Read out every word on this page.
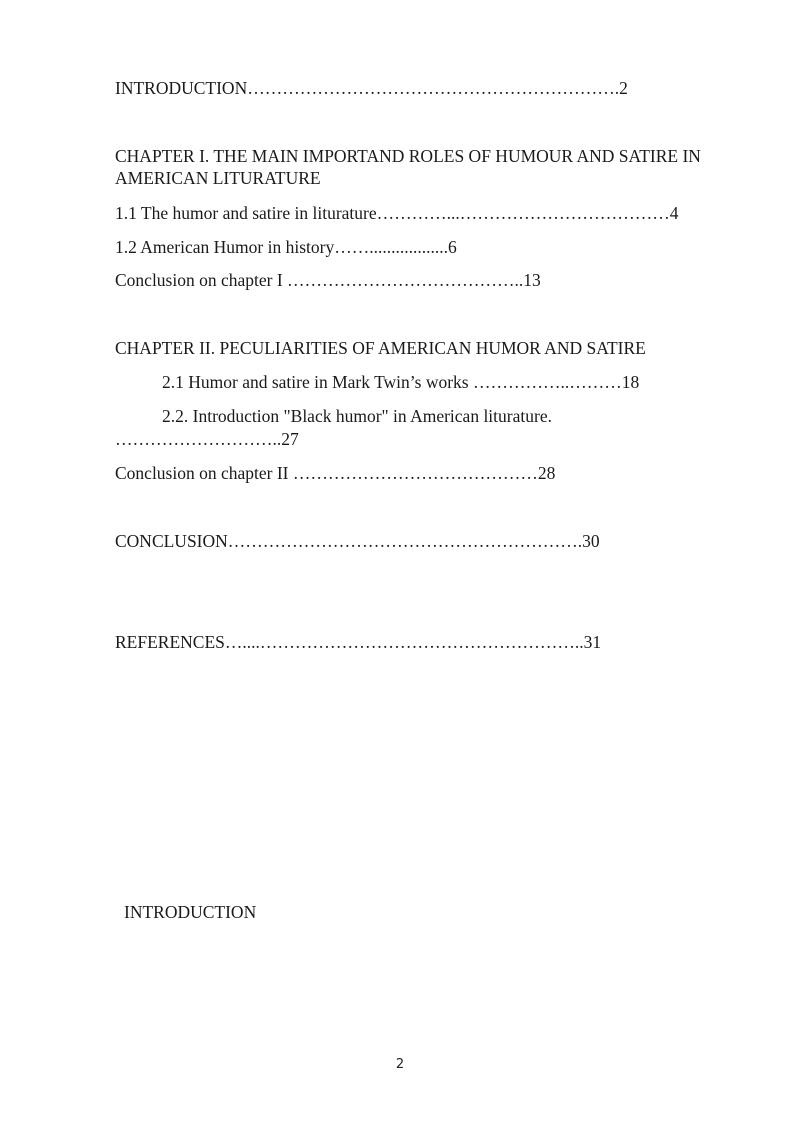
INTRODUCTION……………………………………………………….2
CHAPTER I. THE MAIN IMPORTAND ROLES OF HUMOUR AND SATIRE IN AMERICAN LITURATURE
1.1 The humor and satire in liturature…………...………………………………4
1.2 American Humor in history……..................6
Conclusion on chapter I …………………………………..13
CHAPTER II. PECULIARITIES OF AMERICAN HUMOR AND SATIRE
2.1 Humor and satire in Mark Twin’s works ……………..………18
2.2. Introduction "Black humor" in American liturature.
………………………..27
Conclusion on chapter II ……………………………………28
CONCLUSION…………………………………………………….30
REFERENCES…....………………………………………………..31
INTRODUCTION
2
